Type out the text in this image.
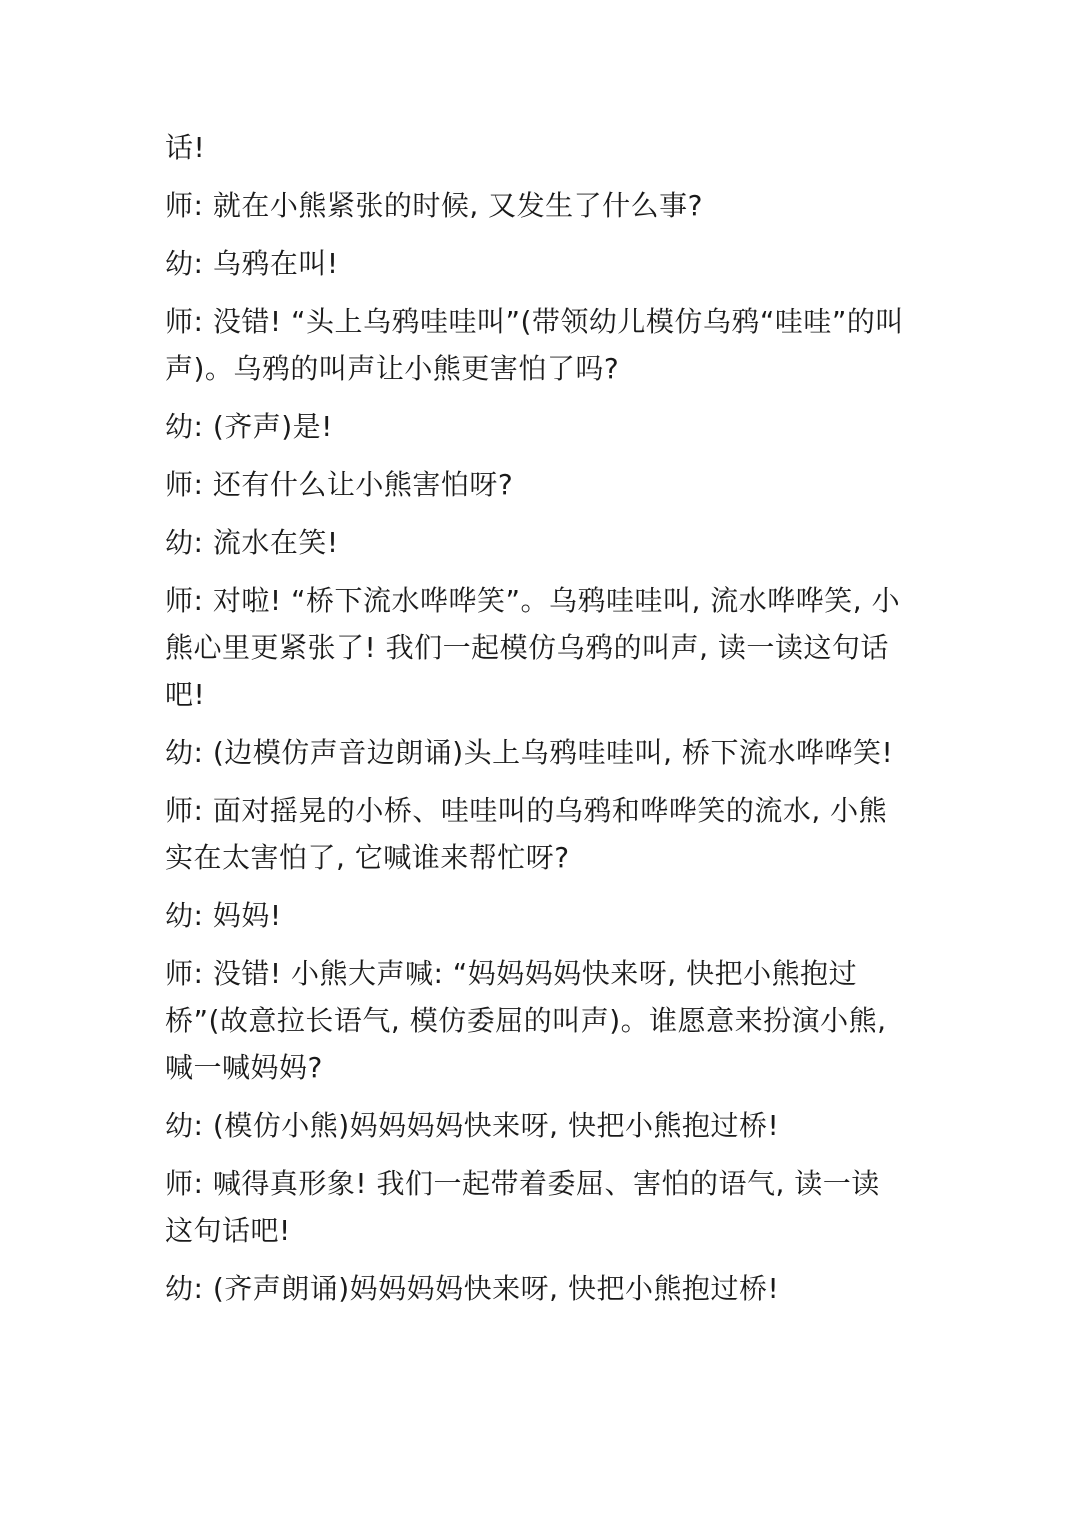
话!

师: 就在小熊紧张的时候, 又发生了什么事?

幼: 乌鸦在叫!

师: 没错! “头上乌鸦哇哇叫”(带领幼儿模仿乌鸦“哇哇”的叫声)。乌鸦的叫声让小熊更害怕了吗?

幼: (齐声)是!

师: 还有什么让小熊害怕呀?

幼: 流水在笑!

师: 对啦! “桥下流水哗哗笑”。乌鸦哇哇叫, 流水哗哗笑, 小熊心里更紧张了! 我们一起模仿乌鸦的叫声, 读一读这句话吧!

幼: (边模仿声音边朗诵)头上乌鸦哇哇叫, 桥下流水哗哗笑!

师: 面对摇晃的小桥、哇哇叫的乌鸦和哗哗笑的流水, 小熊实在太害怕了, 它喊谁来帮忙呀?

幼: 妈妈!

师: 没错! 小熊大声喊: “妈妈妈妈快来呀, 快把小熊抱过桥”(故意拉长语气, 模仿委屈的叫声)。谁愿意来扮演小熊, 喊一喊妈妈?

幼: (模仿小熊)妈妈妈妈快来呀, 快把小熊抱过桥!

师: 喊得真形象! 我们一起带着委屈、害怕的语气, 读一读这句话吧!

幼: (齐声朗诵)妈妈妈妈快来呀, 快把小熊抱过桥!
